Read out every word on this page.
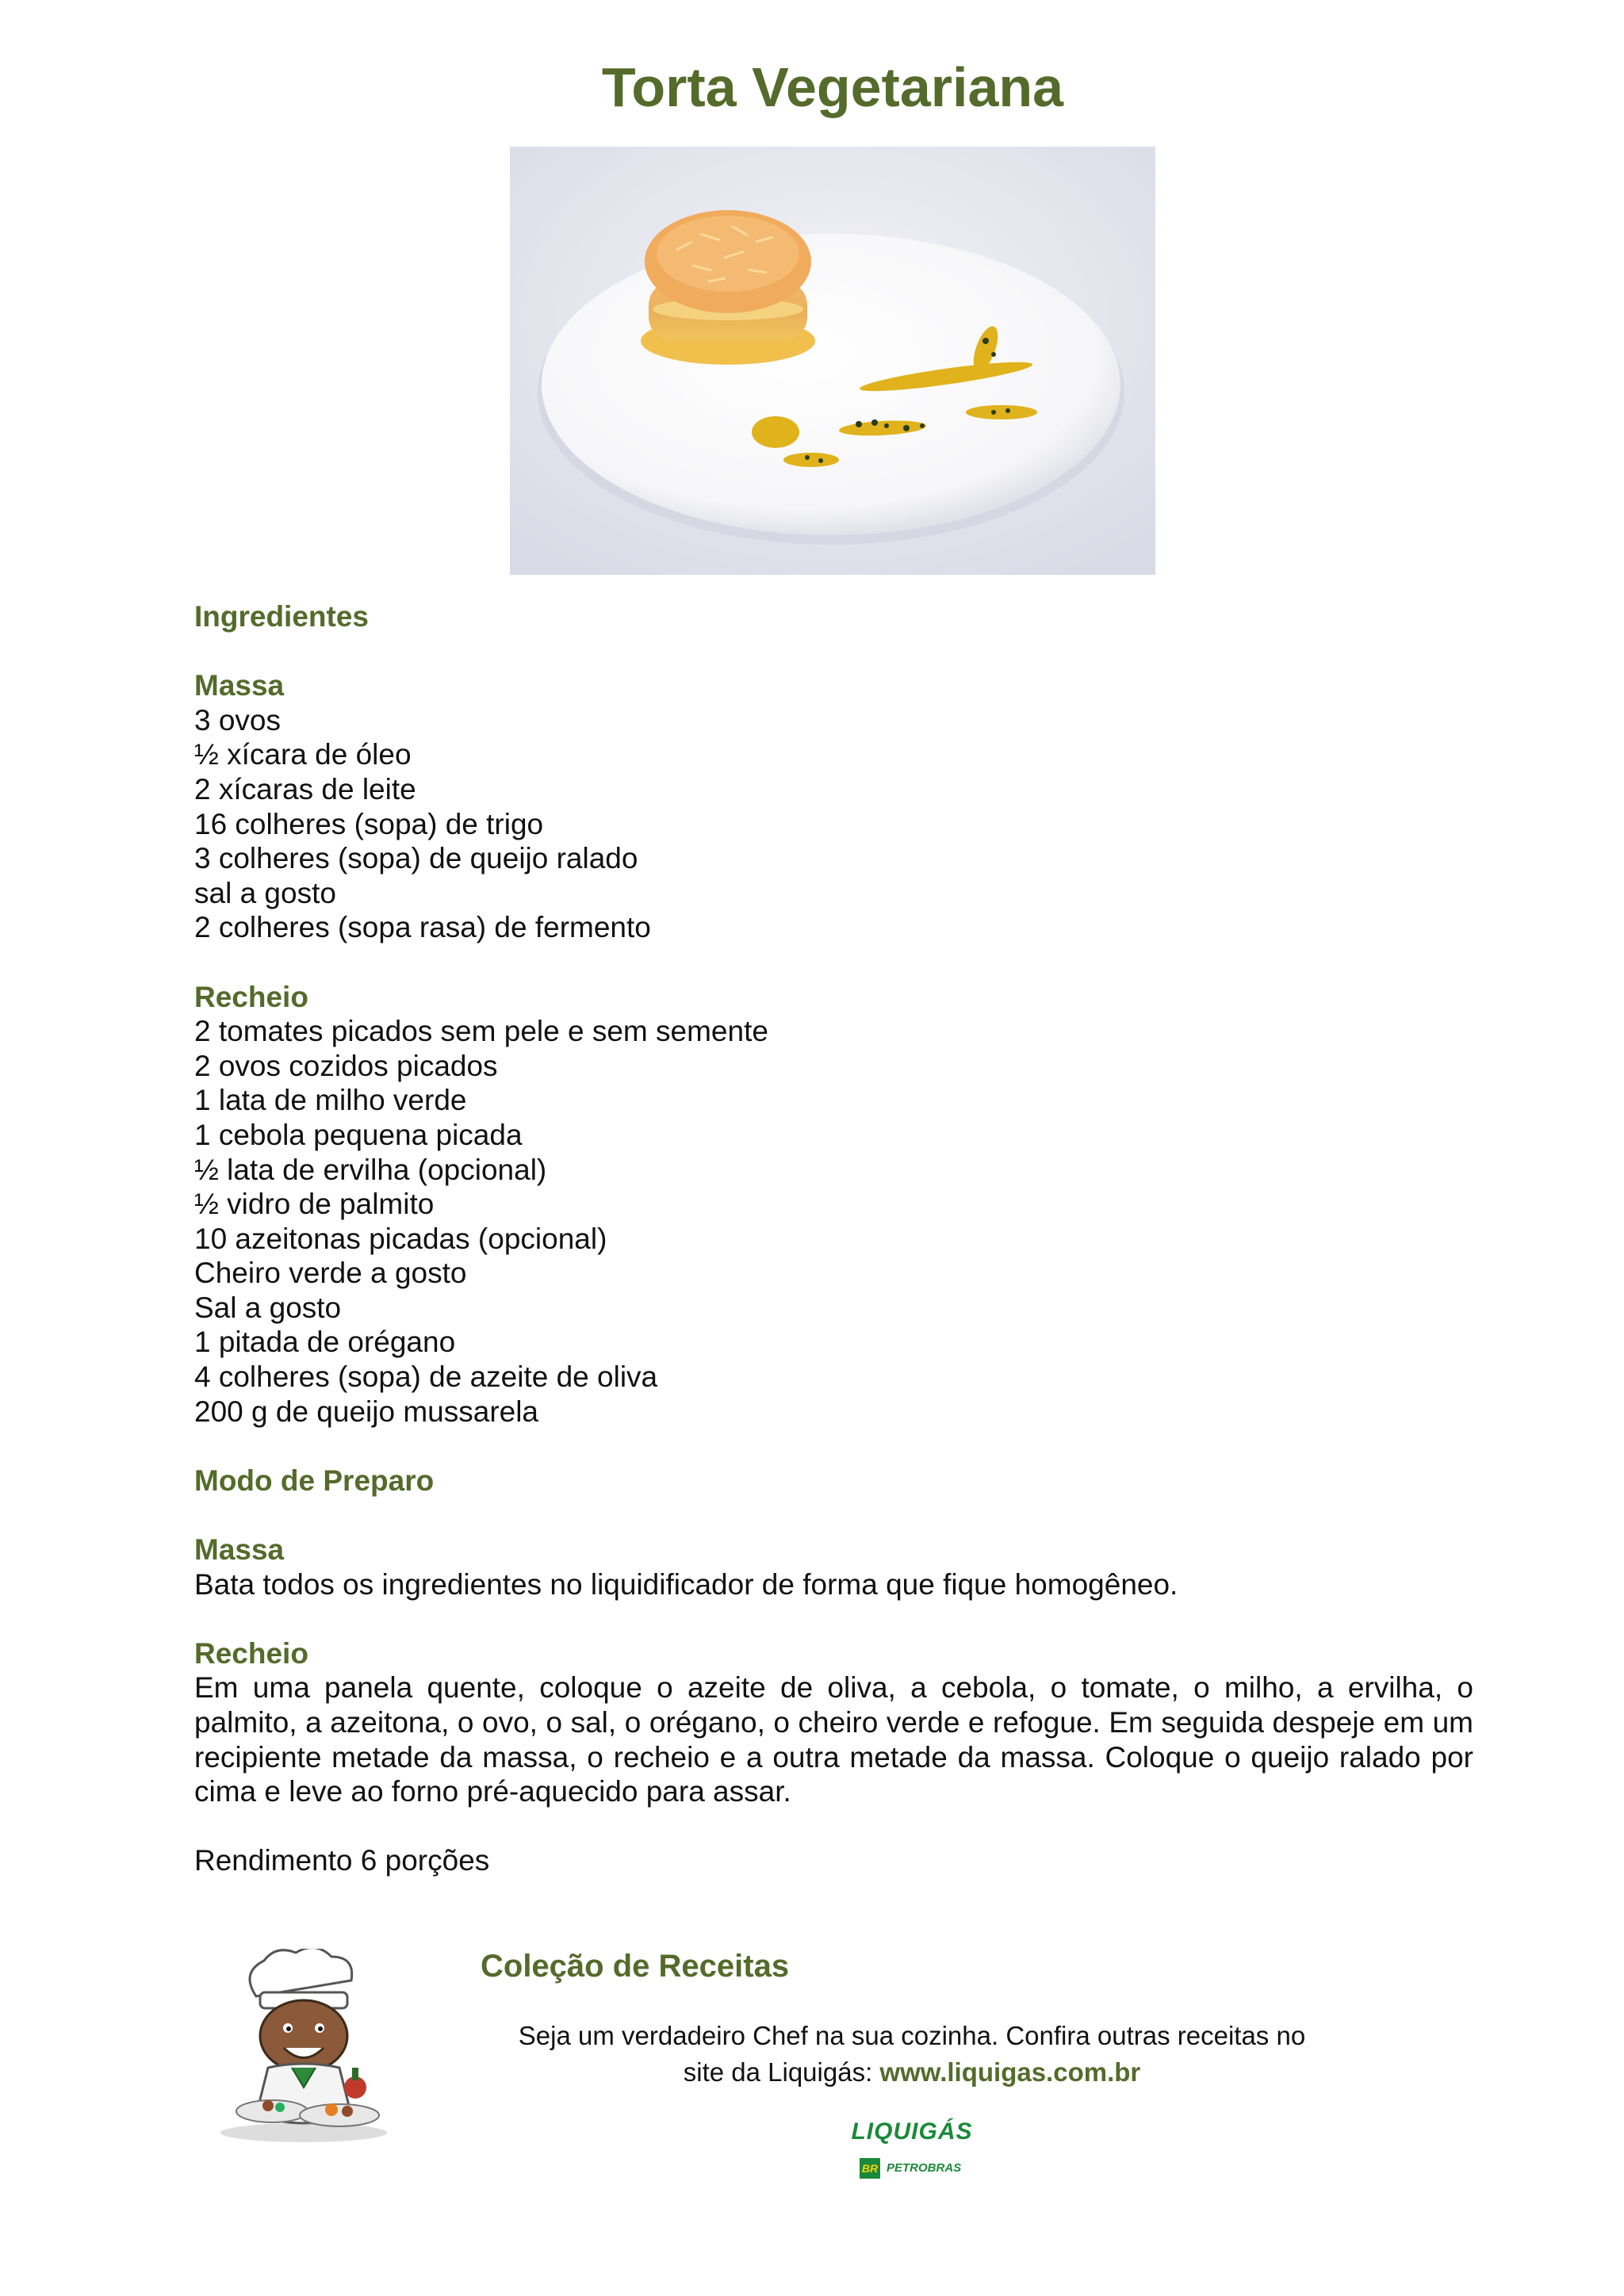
Torta Vegetariana
Ingredientes
Massa
3 ovos
½ xícara de óleo
2 xícaras de leite
16 colheres (sopa) de trigo
3 colheres (sopa) de queijo ralado
sal a gosto
2 colheres (sopa rasa) de fermento
Recheio
2 tomates picados sem pele e sem semente
2 ovos cozidos picados
1 lata de milho verde
1 cebola pequena picada
½ lata de ervilha (opcional)
½ vidro de palmito
10 azeitonas picadas (opcional)
Cheiro verde a gosto
Sal a gosto
1 pitada de orégano
4 colheres (sopa) de azeite de oliva
200 g de queijo mussarela
Modo de Preparo
Massa
Bata todos os ingredientes no liquidificador de forma que fique homogêneo.
Recheio
Em uma panela quente, coloque o azeite de oliva, a cebola, o tomate, o milho, a ervilha, o palmito, a azeitona, o ovo, o sal, o orégano, o cheiro verde e refogue. Em seguida despeje em um recipiente metade da massa, o recheio e a outra metade da massa. Coloque o queijo ralado por cima e leve ao forno pré-aquecido para assar.
Rendimento 6 porções
Coleção de Receitas
Seja um verdadeiro Chef na sua cozinha. Confira outras receitas no
site da Liquigás: www.liquigas.com.br
LIQUIGÁS
BR PETROBRAS
